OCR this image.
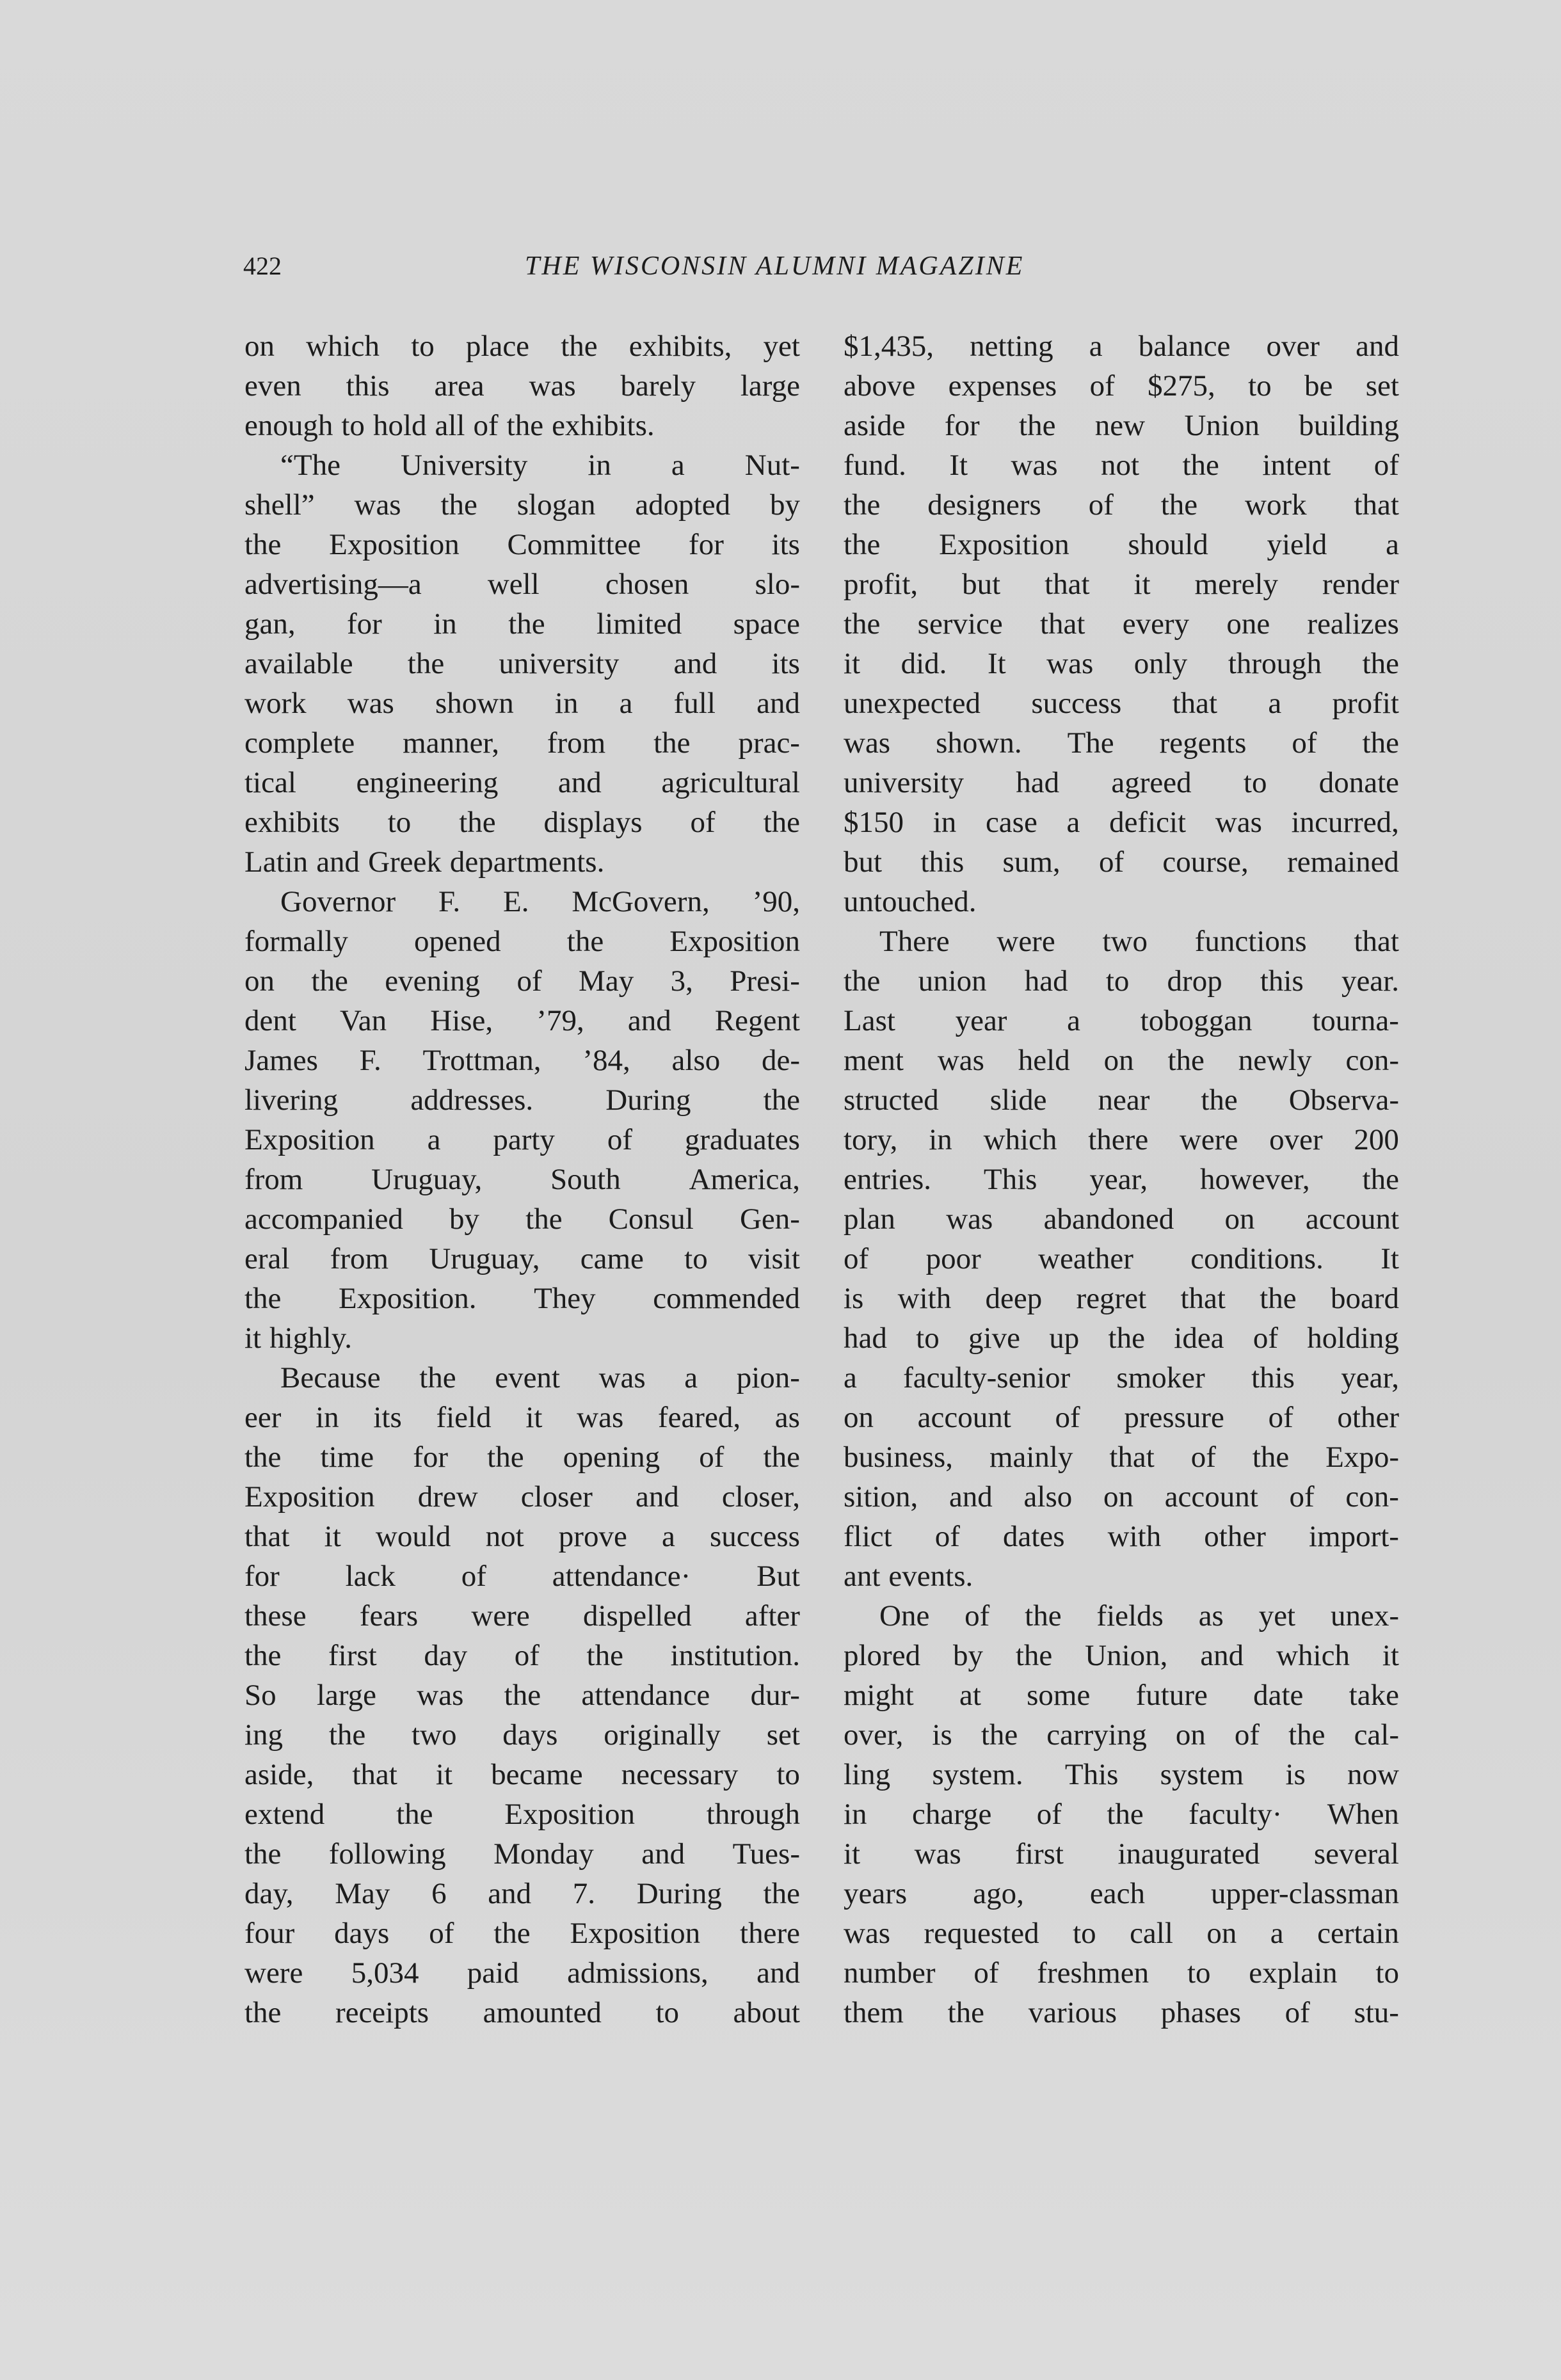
422	THE WISCONSIN ALUMNI MAGAZINE
on which to place the exhibits, yet
even this area was barely large
enough to hold all of the exhibits.
“The University in a Nut-
shell” was the slogan adopted by
the Exposition Committee for its
advertising—a well chosen slo-
gan, for in the limited space
available the university and its
work was shown in a full and
complete manner, from the prac-
tical engineering and agricultural
exhibits to the displays of the
Latin and Greek departments.
Governor F. E. McGovern, ’90,
formally opened the Exposition
on the evening of May 3, Presi-
dent Van Hise, ’79, and Regent
James F. Trottman, ’84, also de-
livering addresses. During the
Exposition a party of graduates
from Uruguay, South America,
accompanied by the Consul Gen-
eral from Uruguay, came to visit
the Exposition. They commended
it highly.
Because the event was a pion-
eer in its field it was feared, as
the time for the opening of the
Exposition drew closer and closer,
that it would not prove a success
for lack of attendance· But
these fears were dispelled after
the first day of the institution.
So large was the attendance dur-
ing the two days originally set
aside, that it became necessary to
extend the Exposition through
the following Monday and Tues-
day, May 6 and 7. During the
four days of the Exposition there
were 5,034 paid admissions, and
the receipts amounted to about
$1,435, netting a balance over and
above expenses of $275, to be set
aside for the new Union building
fund. It was not the intent of
the designers of the work that
the Exposition should yield a
profit, but that it merely render
the service that every one realizes
it did. It was only through the
unexpected success that a profit
was shown. The regents of the
university had agreed to donate
$150 in case a deficit was incurred,
but this sum, of course, remained
untouched.
There were two functions that
the union had to drop this year.
Last year a toboggan tourna-
ment was held on the newly con-
structed slide near the Observa-
tory, in which there were over 200
entries. This year, however, the
plan was abandoned on account
of poor weather conditions. It
is with deep regret that the board
had to give up the idea of holding
a faculty-senior smoker this year,
on account of pressure of other
business, mainly that of the Expo-
sition, and also on account of con-
flict of dates with other import-
ant events.
One of the fields as yet unex-
plored by the Union, and which it
might at some future date take
over, is the carrying on of the cal-
ling system. This system is now
in charge of the faculty· When
it was first inaugurated several
years ago, each upper-classman
was requested to call on a certain
number of freshmen to explain to
them the various phases of stu-
